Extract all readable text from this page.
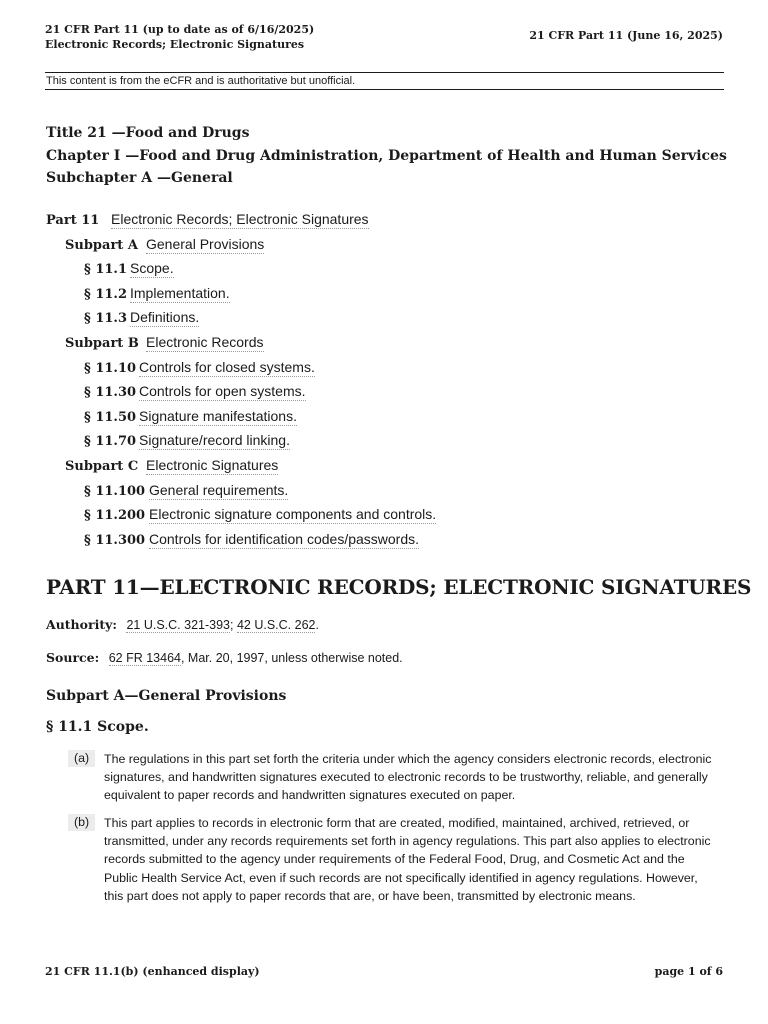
21 CFR Part 11 (up to date as of 6/16/2025)
Electronic Records; Electronic Signatures
21 CFR Part 11 (June 16, 2025)
This content is from the eCFR and is authoritative but unofficial.
Title 21 —Food and Drugs
Chapter I —Food and Drug Administration, Department of Health and Human Services
Subchapter A —General
Part 11 Electronic Records; Electronic Signatures
Subpart A General Provisions
§ 11.1 Scope.
§ 11.2 Implementation.
§ 11.3 Definitions.
Subpart B Electronic Records
§ 11.10 Controls for closed systems.
§ 11.30 Controls for open systems.
§ 11.50 Signature manifestations.
§ 11.70 Signature/record linking.
Subpart C Electronic Signatures
§ 11.100 General requirements.
§ 11.200 Electronic signature components and controls.
§ 11.300 Controls for identification codes/passwords.
PART 11—ELECTRONIC RECORDS; ELECTRONIC SIGNATURES
Authority: 21 U.S.C. 321-393; 42 U.S.C. 262.
Source: 62 FR 13464, Mar. 20, 1997, unless otherwise noted.
Subpart A—General Provisions
§ 11.1 Scope.
(a)	The regulations in this part set forth the criteria under which the agency considers electronic records, electronic signatures, and handwritten signatures executed to electronic records to be trustworthy, reliable, and generally equivalent to paper records and handwritten signatures executed on paper.
(b)	This part applies to records in electronic form that are created, modified, maintained, archived, retrieved, or transmitted, under any records requirements set forth in agency regulations. This part also applies to electronic records submitted to the agency under requirements of the Federal Food, Drug, and Cosmetic Act and the Public Health Service Act, even if such records are not specifically identified in agency regulations. However, this part does not apply to paper records that are, or have been, transmitted by electronic means.
21 CFR 11.1(b) (enhanced display)	page 1 of 6
